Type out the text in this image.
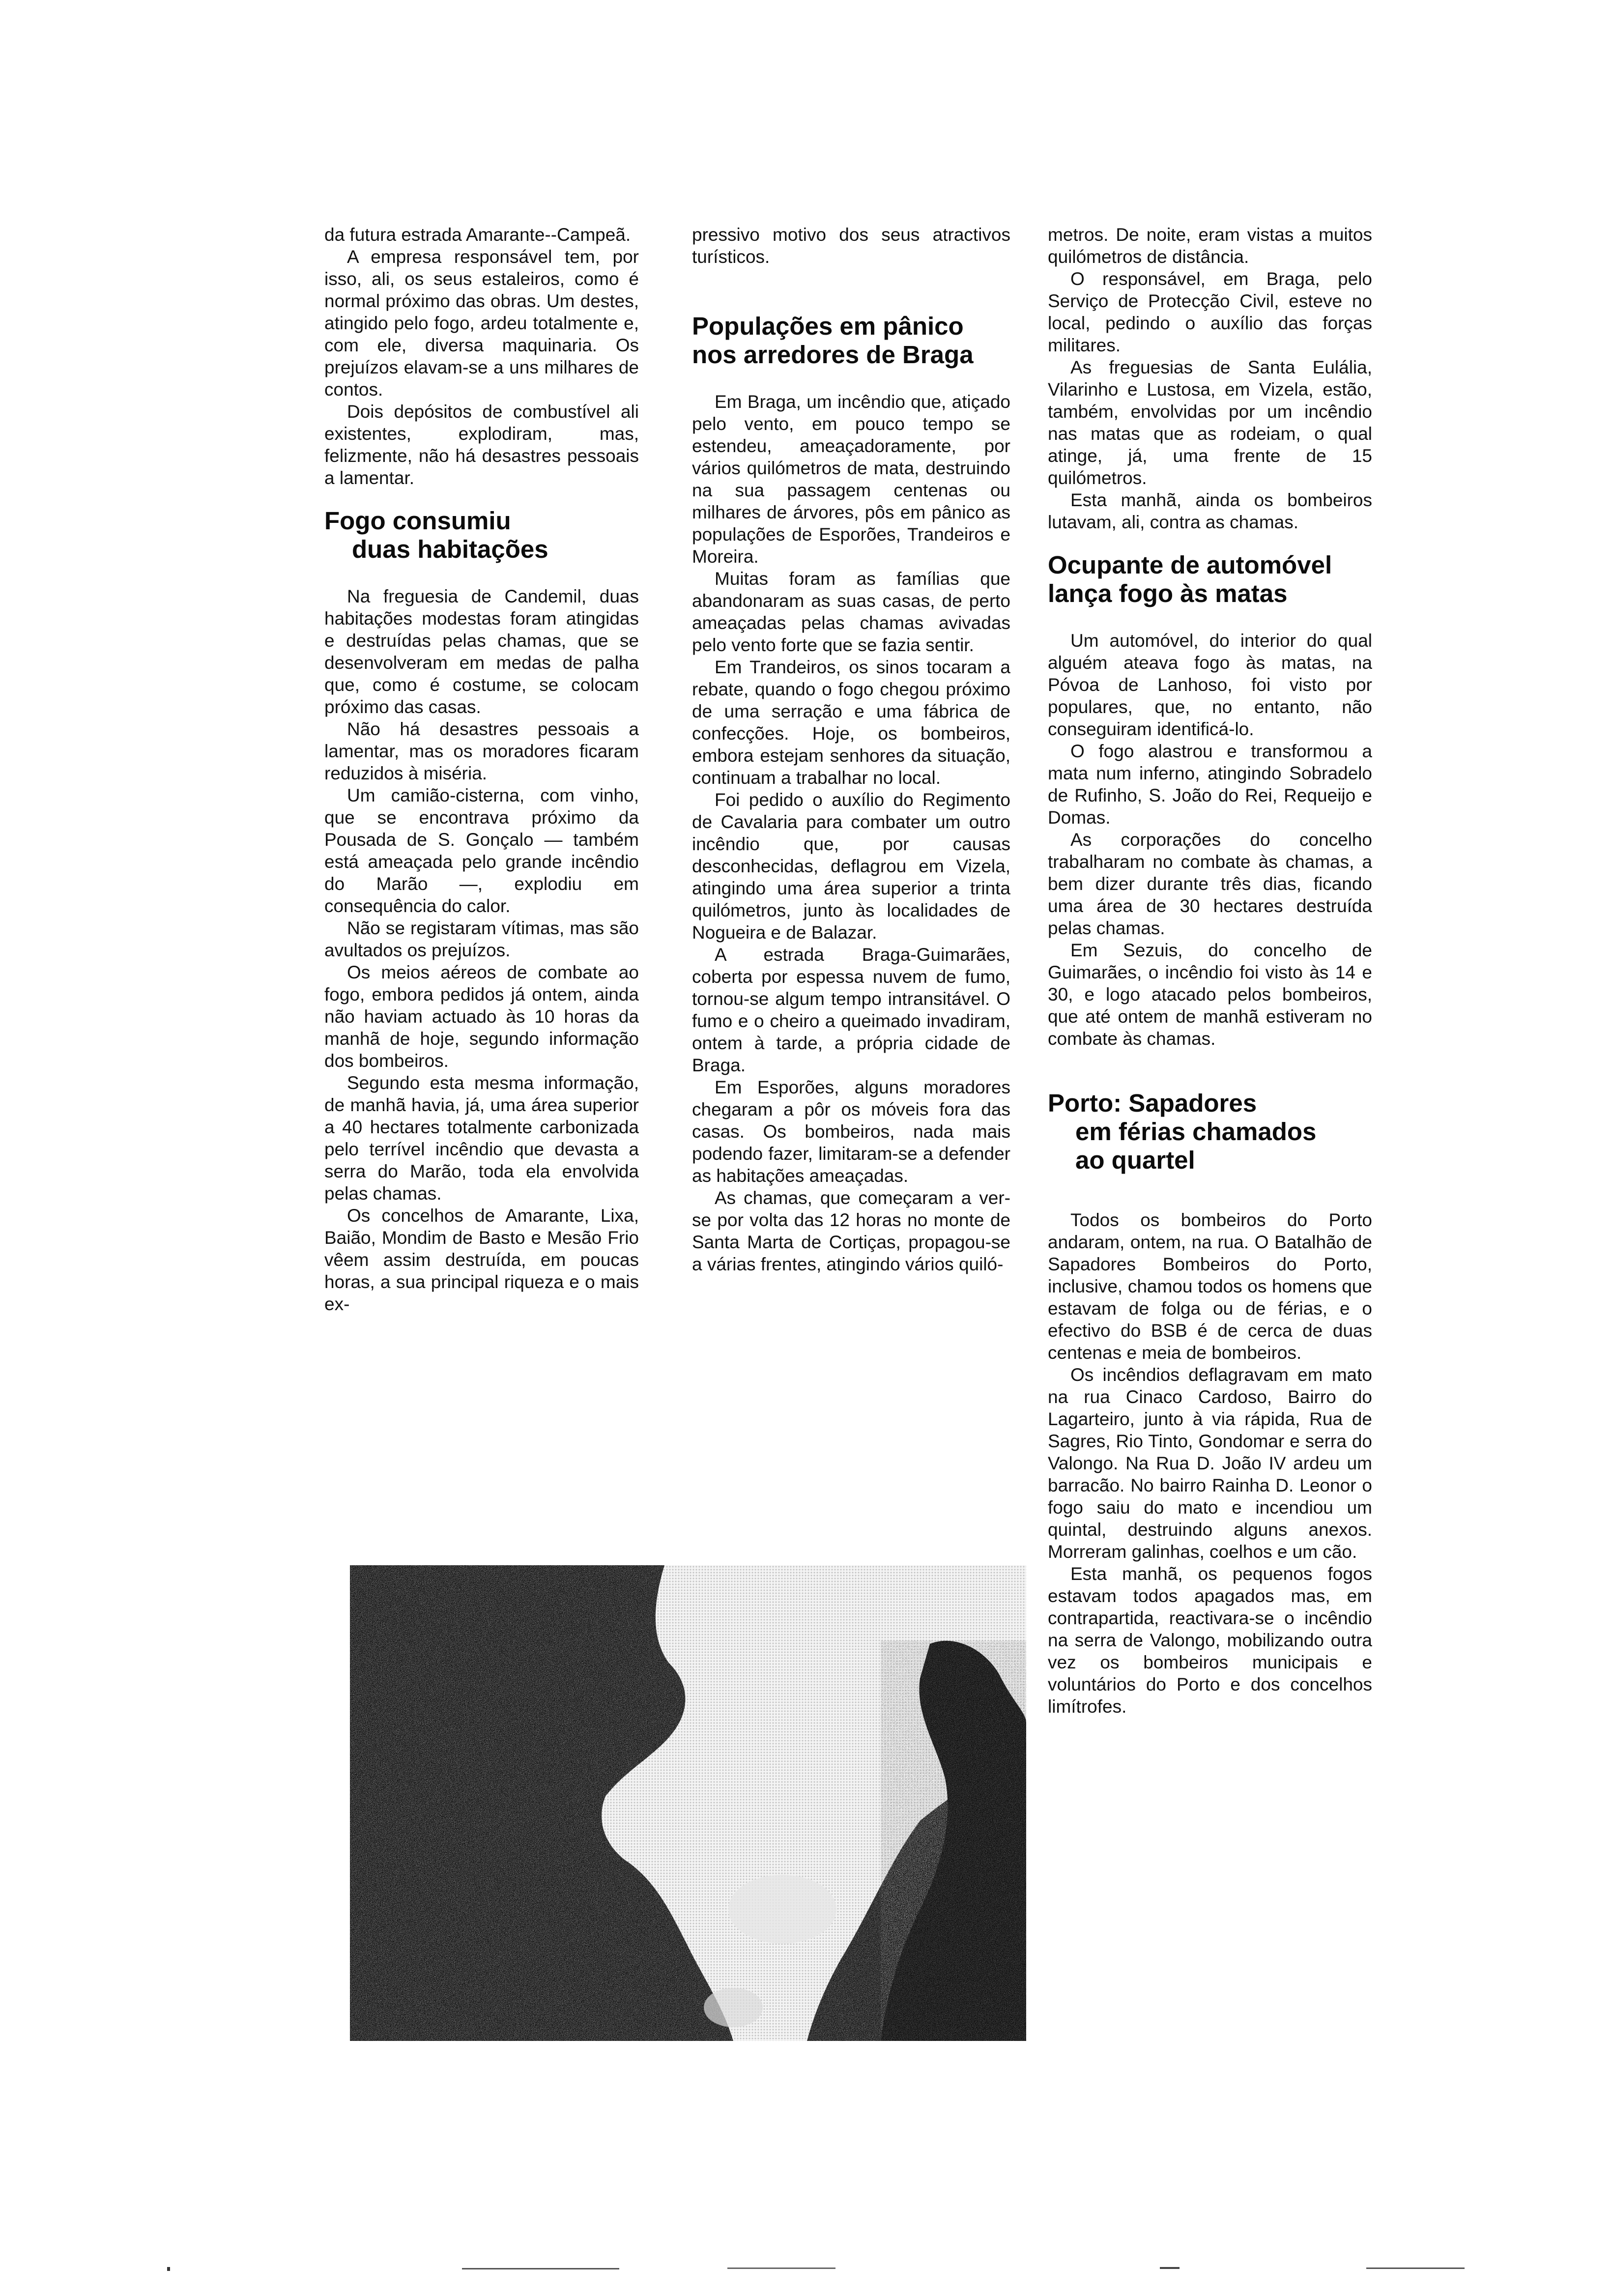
da futura estrada Amarante--Campeã.

A empresa responsável tem, por isso, ali, os seus estaleiros, como é normal próximo das obras. Um destes, atingido pelo fogo, ardeu totalmente e, com ele, diversa maquinaria. Os prejuízos elavam-se a uns milhares de contos.

Dois depósitos de combustível ali existentes, explodiram, mas, felizmente, não há desastres pessoais a lamentar.

Fogo consumiu

duas habitações

Na freguesia de Candemil, duas habitações modestas foram atingidas e destruídas pelas chamas, que se desenvolveram em medas de palha que, como é costume, se colocam próximo das casas.

Não há desastres pessoais a lamentar, mas os moradores ficaram reduzidos à miséria.

Um camião-cisterna, com vinho, que se encontrava próximo da Pousada de S. Gonçalo — também está ameaçada pelo grande incêndio do Marão —, explodiu em consequência do calor.

Não se registaram vítimas, mas são avultados os prejuízos.

Os meios aéreos de combate ao fogo, embora pedidos já ontem, ainda não haviam actuado às 10 horas da manhã de hoje, segundo informação dos bombeiros.

Segundo esta mesma informação, de manhã havia, já, uma área superior a 40 hectares totalmente carbonizada pelo terrível incêndio que devasta a serra do Marão, toda ela envolvida pelas chamas.

Os concelhos de Amarante, Lixa, Baião, Mondim de Basto e Mesão Frio vêem assim destruída, em poucas horas, a sua principal riqueza e o mais ex-

pressivo motivo dos seus atractivos turísticos.

Populações em pânico
nos arredores de Braga

Em Braga, um incêndio que, atiçado pelo vento, em pouco tempo se estendeu, ameaçadoramente, por vários quilómetros de mata, destruindo na sua passagem centenas ou milhares de árvores, pôs em pânico as populações de Esporões, Trandeiros e Moreira.

Muitas foram as famílias que abandonaram as suas casas, de perto ameaçadas pelas chamas avivadas pelo vento forte que se fazia sentir.

Em Trandeiros, os sinos tocaram a rebate, quando o fogo chegou próximo de uma serração e uma fábrica de confecções. Hoje, os bombeiros, embora estejam senhores da situação, continuam a trabalhar no local.

Foi pedido o auxílio do Regimento de Cavalaria para combater um outro incêndio que, por causas desconhecidas, deflagrou em Vizela, atingindo uma área superior a trinta quilómetros, junto às localidades de Nogueira e de Balazar.

A estrada Braga-Guimarães, coberta por espessa nuvem de fumo, tornou-se algum tempo intransitável. O fumo e o cheiro a queimado invadiram, ontem à tarde, a própria cidade de Braga.

Em Esporões, alguns moradores chegaram a pôr os móveis fora das casas. Os bombeiros, nada mais podendo fazer, limitaram-se a defender as habitações ameaçadas.

As chamas, que começaram a ver-se por volta das 12 horas no monte de Santa Marta de Cortiças, propagou-se a várias frentes, atingindo vários quiló-

metros. De noite, eram vistas a muitos quilómetros de distância.

O responsável, em Braga, pelo Serviço de Protecção Civil, esteve no local, pedindo o auxílio das forças militares.

As freguesias de Santa Eulália, Vilarinho e Lustosa, em Vizela, estão, também, envolvidas por um incêndio nas matas que as rodeiam, o qual atinge, já, uma frente de 15 quilómetros.

Esta manhã, ainda os bombeiros lutavam, ali, contra as chamas.

Ocupante de automóvel
lança fogo às matas

Um automóvel, do interior do qual alguém ateava fogo às matas, na Póvoa de Lanhoso, foi visto por populares, que, no entanto, não conseguiram identificá-lo.

O fogo alastrou e transformou a mata num inferno, atingindo Sobradelo de Rufinho, S. João do Rei, Requeijo e Domas.

As corporações do concelho trabalharam no combate às chamas, a bem dizer durante três dias, ficando uma área de 30 hectares destruída pelas chamas.

Em Sezuis, do concelho de Guimarães, o incêndio foi visto às 14 e 30, e logo atacado pelos bombeiros, que até ontem de manhã estiveram no combate às chamas.

Porto: Sapadores

em férias chamados
ao quartel

Todos os bombeiros do Porto andaram, ontem, na rua. O Batalhão de Sapadores Bombeiros do Porto, inclusive, chamou todos os homens que estavam de folga ou de férias, e o efectivo do BSB é de cerca de duas centenas e meia de bombeiros.

Os incêndios deflagravam em mato na rua Cinaco Cardoso, Bairro do Lagarteiro, junto à via rápida, Rua de Sagres, Rio Tinto, Gondomar e serra do Valongo. Na Rua D. João IV ardeu um barracão. No bairro Rainha D. Leonor o fogo saiu do mato e incendiou um quintal, destruindo alguns anexos. Morreram galinhas, coelhos e um cão.

Esta manhã, os pequenos fogos estavam todos apagados mas, em contrapartida, reactivara-se o incêndio na serra de Valongo, mobilizando outra vez os bombeiros municipais e voluntários do Porto e dos concelhos limítrofes.
